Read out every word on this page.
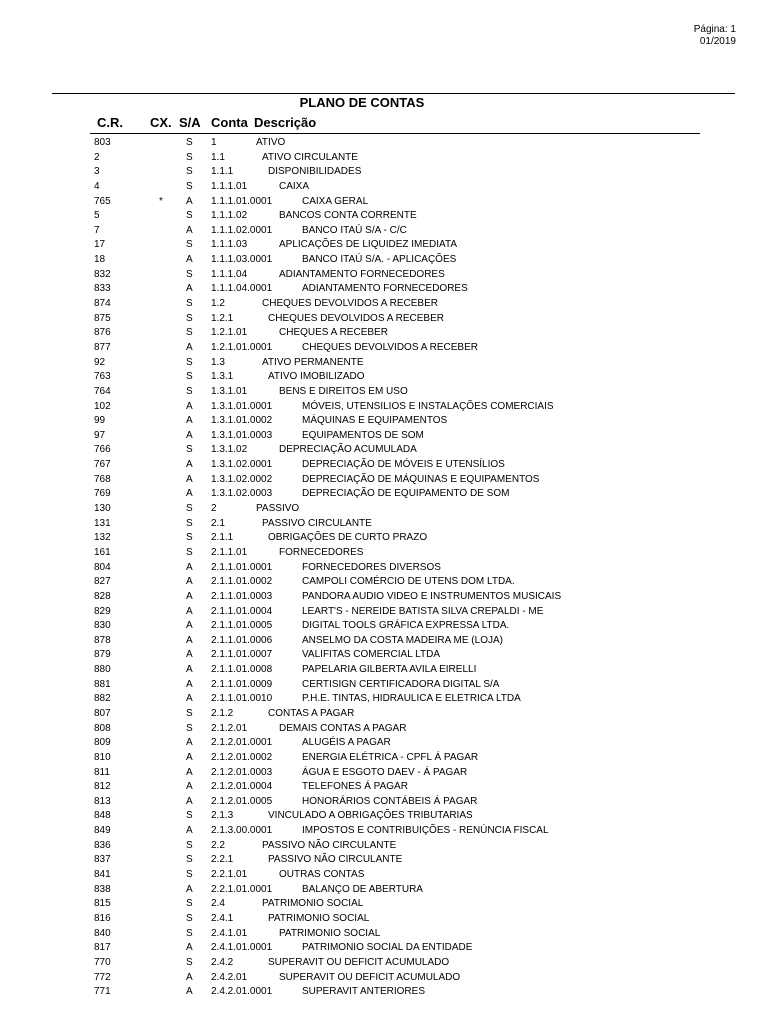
Página: 1
01/2019
PLANO DE CONTAS
C.R. CX. S/A Conta Descrição
803	S 1	ATIVO
2	S 1.1	ATIVO CIRCULANTE
3	S 1.1.1	DISPONIBILIDADES
4	S 1.1.1.01	CAIXA
765	* A 1.1.1.01.0001	CAIXA GERAL
5	S 1.1.1.02	BANCOS CONTA CORRENTE
7	A 1.1.1.02.0001	BANCO ITAÚ S/A - C/C
17	S 1.1.1.03	APLICAÇÕES DE LIQUIDEZ IMEDIATA
18	A 1.1.1.03.0001	BANCO ITAÚ S/A. - APLICAÇÕES
832	S 1.1.1.04	ADIANTAMENTO FORNECEDORES
833	A 1.1.1.04.0001	ADIANTAMENTO FORNECEDORES
874	S 1.2	CHEQUES DEVOLVIDOS A RECEBER
875	S 1.2.1	CHEQUES DEVOLVIDOS A RECEBER
876	S 1.2.1.01	CHEQUES A RECEBER
877	A 1.2.1.01.0001	CHEQUES DEVOLVIDOS A RECEBER
92	S 1.3	ATIVO PERMANENTE
763	S 1.3.1	ATIVO IMOBILIZADO
764	S 1.3.1.01	BENS E DIREITOS EM USO
102	A 1.3.1.01.0001	MÓVEIS, UTENSILIOS E INSTALAÇÕES COMERCIAIS
99	A 1.3.1.01.0002	MÁQUINAS E EQUIPAMENTOS
97	A 1.3.1.01.0003	EQUIPAMENTOS DE SOM
766	S 1.3.1.02	DEPRECIAÇÃO ACUMULADA
767	A 1.3.1.02.0001	DEPRECIAÇÃO DE MÓVEIS E UTENSÍLIOS
768	A 1.3.1.02.0002	DEPRECIAÇÃO DE MÁQUINAS E EQUIPAMENTOS
769	A 1.3.1.02.0003	DEPRECIAÇÃO DE EQUIPAMENTO DE SOM
130	S 2	PASSIVO
131	S 2.1	PASSIVO CIRCULANTE
132	S 2.1.1	OBRIGAÇÕES DE CURTO PRAZO
161	S 2.1.1.01	FORNECEDORES
804	A 2.1.1.01.0001	FORNECEDORES DIVERSOS
827	A 2.1.1.01.0002	CAMPOLI COMÉRCIO DE UTENS DOM LTDA.
828	A 2.1.1.01.0003	PANDORA AUDIO VIDEO E INSTRUMENTOS MUSICAIS
829	A 2.1.1.01.0004	LEART'S - NEREIDE BATISTA SILVA CREPALDI - ME
830	A 2.1.1.01.0005	DIGITAL TOOLS GRÁFICA EXPRESSA LTDA.
878	A 2.1.1.01.0006	ANSELMO DA COSTA MADEIRA ME (LOJA)
879	A 2.1.1.01.0007	VALIFITAS COMERCIAL LTDA
880	A 2.1.1.01.0008	PAPELARIA GILBERTA AVILA EIRELLI
881	A 2.1.1.01.0009	CERTISIGN CERTIFICADORA DIGITAL S/A
882	A 2.1.1.01.0010	P.H.E. TINTAS, HIDRAULICA E ELETRICA LTDA
807	S 2.1.2	CONTAS A PAGAR
808	S 2.1.2.01	DEMAIS CONTAS A PAGAR
809	A 2.1.2.01.0001	ALUGÉIS A PAGAR
810	A 2.1.2.01.0002	ENERGIA ELÉTRICA - CPFL Á PAGAR
811	A 2.1.2.01.0003	ÁGUA E ESGOTO DAEV - Á PAGAR
812	A 2.1.2.01.0004	TELEFONES Á PAGAR
813	A 2.1.2.01.0005	HONORÁRIOS CONTÁBEIS Á PAGAR
848	S 2.1.3	VINCULADO A OBRIGAÇÕES TRIBUTARIAS
849	A 2.1.3.00.0001	IMPOSTOS E CONTRIBUIÇÕES - RENÚNCIA FISCAL
836	S 2.2	PASSIVO NÃO CIRCULANTE
837	S 2.2.1	PASSIVO NÃO CIRCULANTE
841	S 2.2.1.01	OUTRAS CONTAS
838	A 2.2.1.01.0001	BALANÇO DE ABERTURA
815	S 2.4	PATRIMONIO SOCIAL
816	S 2.4.1	PATRIMONIO SOCIAL
840	S 2.4.1.01	PATRIMONIO SOCIAL
817	A 2.4.1.01.0001	PATRIMONIO SOCIAL DA ENTIDADE
770	S 2.4.2	SUPERAVIT OU DEFICIT ACUMULADO
772	A 2.4.2.01	SUPERAVIT OU DEFICIT ACUMULADO
771	A 2.4.2.01.0001	SUPERAVIT ANTERIORES
